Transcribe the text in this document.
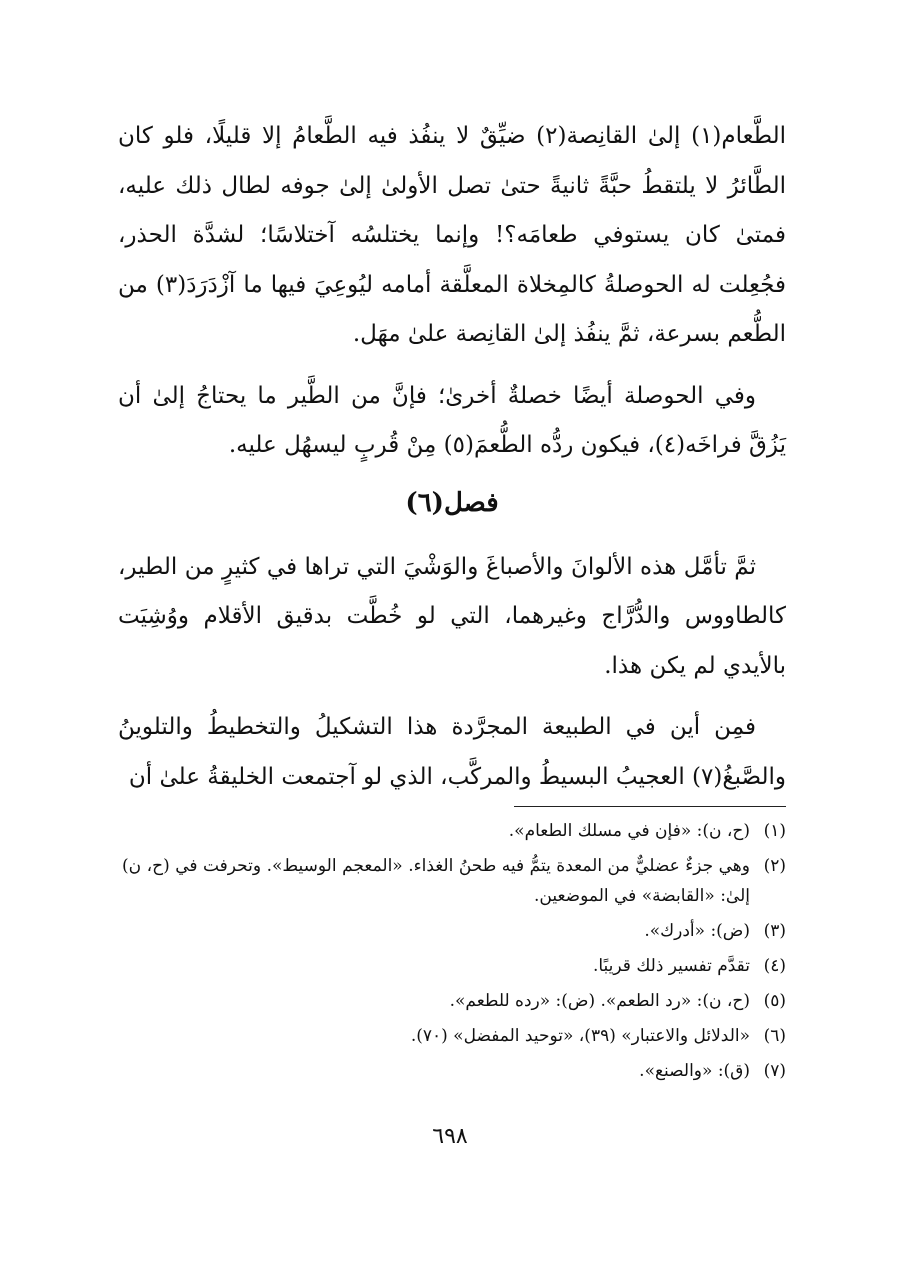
الطَّعام(١) إلىٰ القانِصة(٢) ضيِّقٌ لا ينفُذ فيه الطَّعامُ إلا قليلًا، فلو كان الطَّائرُ لا يلتقطُ حبَّةً ثانيةً حتىٰ تصل الأولىٰ إلىٰ جوفه لطال ذلك عليه، فمتىٰ كان يستوفي طعامَه؟! وإنما يختلسُه آختلاسًا؛ لشدَّة الحذر، فجُعِلت له الحوصلةُ كالمِخلاة المعلَّقة أمامه ليُوعِيَ فيها ما آزْدَرَدَ(٣) من الطُّعم بسرعة، ثمَّ ينفُذ إلىٰ القانِصة علىٰ مهَل.

وفي الحوصلة أيضًا خصلةٌ أخرىٰ؛ فإنَّ من الطَّير ما يحتاجُ إلىٰ أن يَزُقَّ فراخَه(٤)، فيكون ردُّه الطُّعمَ(٥) مِنْ قُربٍ ليسهُل عليه.

فصل(٦)

ثمَّ تأمَّل هذه الألوانَ والأصباغَ والوَشْيَ التي تراها في كثيرٍ من الطير، كالطاووس والدُّرَّاج وغيرهما، التي لو خُطَّت بدقيق الأقلام ووُشِيَت بالأيدي لم يكن هذا.

فمِن أين في الطبيعة المجرَّدة هذا التشكيلُ والتخطيطُ والتلوينُ والصَّبغُ(٧) العجيبُ البسيطُ والمركَّب، الذي لو آجتمعت الخليقةُ علىٰ أن

(١)
(ح، ن): «فإن في مسلك الطعام».
(٢)
وهي جزءٌ عضليٌّ من المعدة يتمُّ فيه طحنُ الغذاء. «المعجم الوسيط». وتحرفت في (ح، ن) إلىٰ: «القابضة» في الموضعين.
(٣)
(ض): «أدرك».
(٤)
تقدَّم تفسير ذلك قريبًا.
(٥)
(ح، ن): «رد الطعم». (ض): «رده للطعم».
(٦)
«الدلائل والاعتبار» (٣٩)، «توحيد المفضل» (٧٠).
(٧)
(ق): «والصنع».
٦٩٨
